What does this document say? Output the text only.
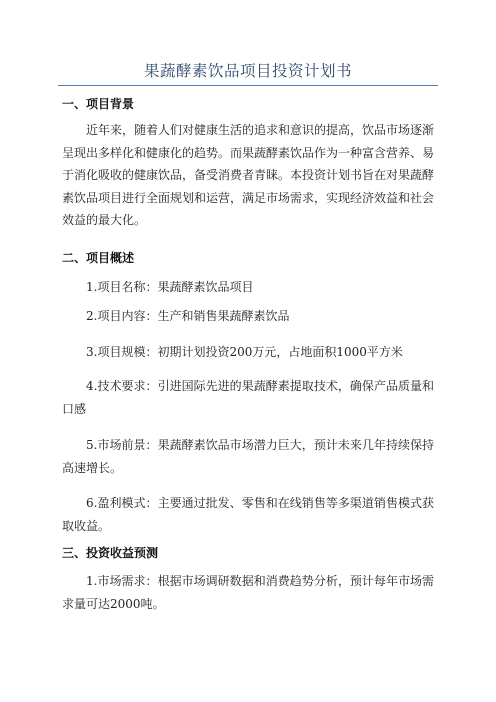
果蔬酵素饮品项目投资计划书
一、项目背景

近年来，随着人们对健康生活的追求和意识的提高，饮品市场逐渐呈现出多样化和健康化的趋势。而果蔬酵素饮品作为一种富含营养、易于消化吸收的健康饮品，备受消费者青睐。本投资计划书旨在对果蔬酵素饮品项目进行全面规划和运营，满足市场需求，实现经济效益和社会效益的最大化。

二、项目概述

1.项目名称：果蔬酵素饮品项目

2.项目内容：生产和销售果蔬酵素饮品

3.项目规模：初期计划投资200万元，占地面积1000平方米

4.技术要求：引进国际先进的果蔬酵素提取技术，确保产品质量和口感

5.市场前景：果蔬酵素饮品市场潜力巨大，预计未来几年持续保持高速增长。

6.盈利模式：主要通过批发、零售和在线销售等多渠道销售模式获取收益。

三、投资收益预测

1.市场需求：根据市场调研数据和消费趋势分析，预计每年市场需求量可达2000吨。
